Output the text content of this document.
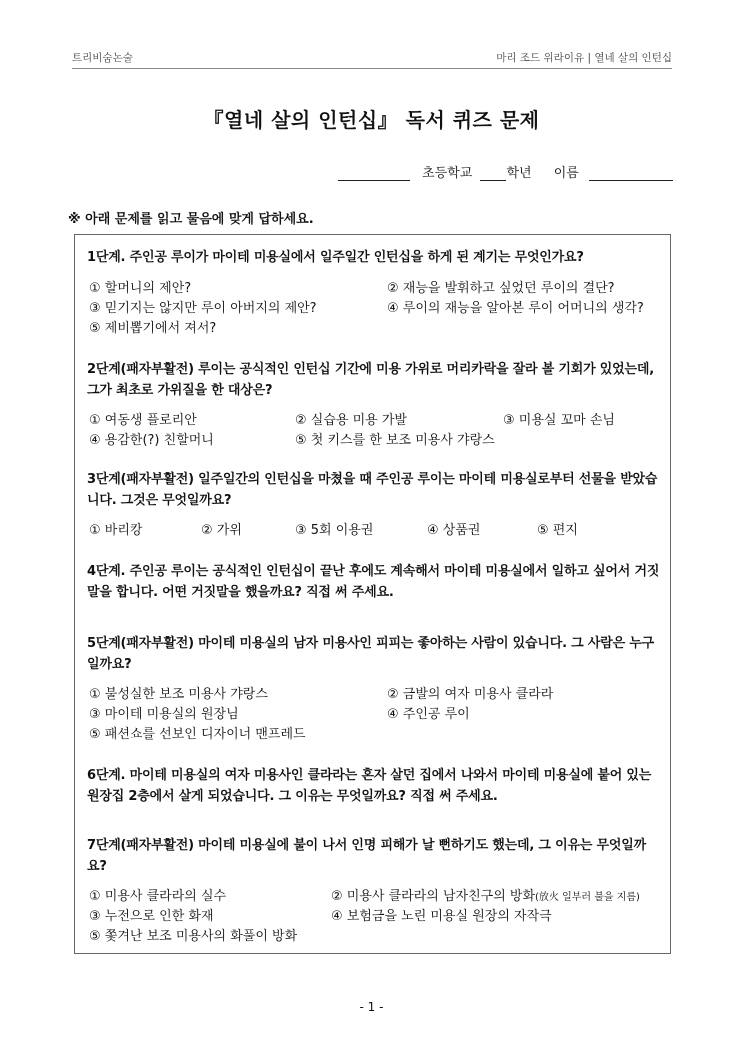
트리비숨논술	마리 조드 위라이유 | 열네 살의 인턴십
『열네 살의 인턴십』 독서 퀴즈 문제
초등학교	학년 이름
※ 아래 문제를 읽고 물음에 맞게 답하세요.
1단계. 주인공 루이가 마이테 미용실에서 일주일간 인턴십을 하게 된 계기는 무엇인가요?
① 할머니의 제안?	② 재능을 발휘하고 싶었던 루이의 결단?
③ 믿기지는 않지만 루이 아버지의 제안?	④ 루이의 재능을 알아본 루이 어머니의 생각?
⑤ 제비뽑기에서 져서?
2단계(패자부활전) 루이는 공식적인 인턴십 기간에 미용 가위로 머리카락을 잘라 볼 기회가 있었는데, 그가 최초로 가위질을 한 대상은?
① 여동생 플로리안	② 실습용 미용 가발	③ 미용실 꼬마 손님
④ 용감한(?) 친할머니	⑤ 첫 키스를 한 보조 미용사 갸랑스
3단계(패자부활전) 일주일간의 인턴십을 마쳤을 때 주인공 루이는 마이테 미용실로부터 선물을 받았습니다. 그것은 무엇일까요?
① 바리캉	② 가위	③ 5회 이용권	④ 상품권	⑤ 편지
4단계. 주인공 루이는 공식적인 인턴십이 끝난 후에도 계속해서 마이테 미용실에서 일하고 싶어서 거짓말을 합니다. 어떤 거짓말을 했을까요? 직접 써 주세요.
5단계(패자부활전) 마이테 미용실의 남자 미용사인 피피는 좋아하는 사람이 있습니다. 그 사람은 누구일까요?
① 불성실한 보조 미용사 갸랑스	② 금발의 여자 미용사 클라라
③ 마이테 미용실의 원장님	④ 주인공 루이
⑤ 패션쇼를 선보인 디자이너 맨프레드
6단계. 마이테 미용실의 여자 미용사인 클라라는 혼자 살던 집에서 나와서 마이테 미용실에 붙어 있는 원장집 2층에서 살게 되었습니다. 그 이유는 무엇일까요? 직접 써 주세요.
7단계(패자부활전) 마이테 미용실에 불이 나서 인명 피해가 날 뻔하기도 했는데, 그 이유는 무엇일까요?
① 미용사 클라라의 실수	② 미용사 클라라의 남자친구의 방화(放火 일부러 불을 지름)
③ 누전으로 인한 화재	④ 보험금을 노린 미용실 원장의 자작극
⑤ 쫓겨난 보조 미용사의 화풀이 방화
- 1 -
